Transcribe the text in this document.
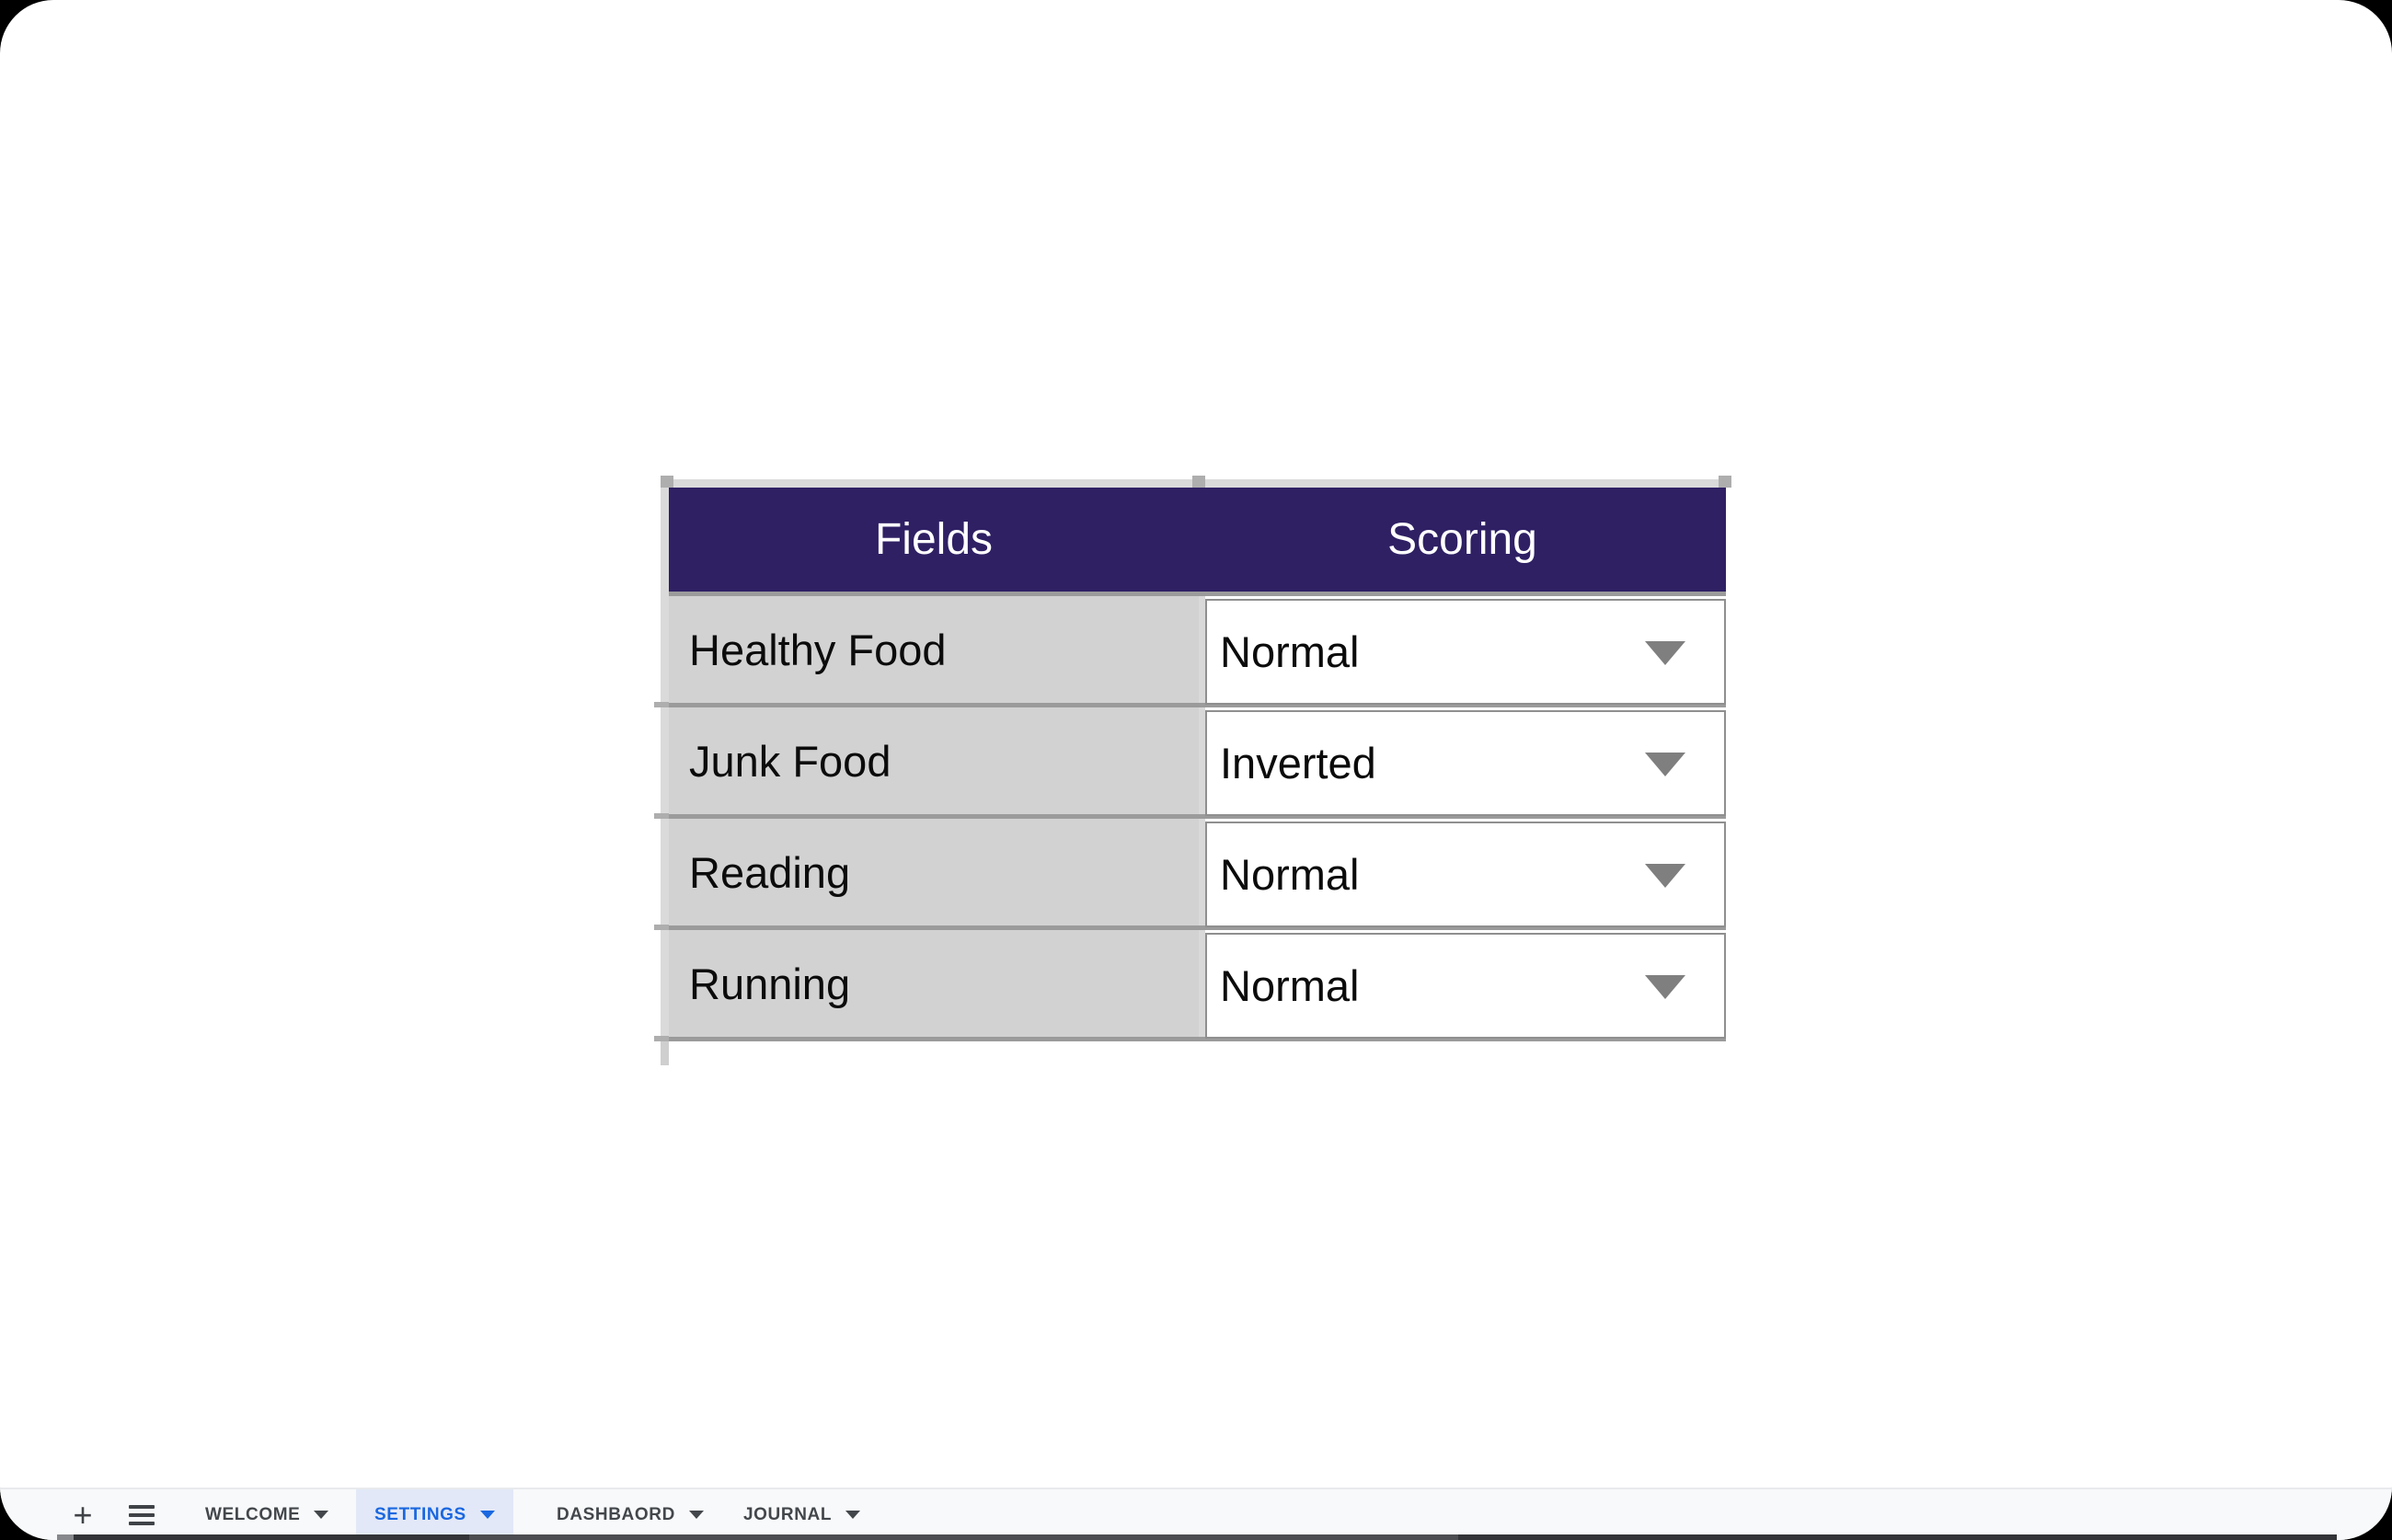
Fields	Scoring
Healthy Food	Normal
Junk Food	Inverted
Reading	Normal
Running	Normal
+	WELCOME	SETTINGS	DASHBAORD	JOURNAL
